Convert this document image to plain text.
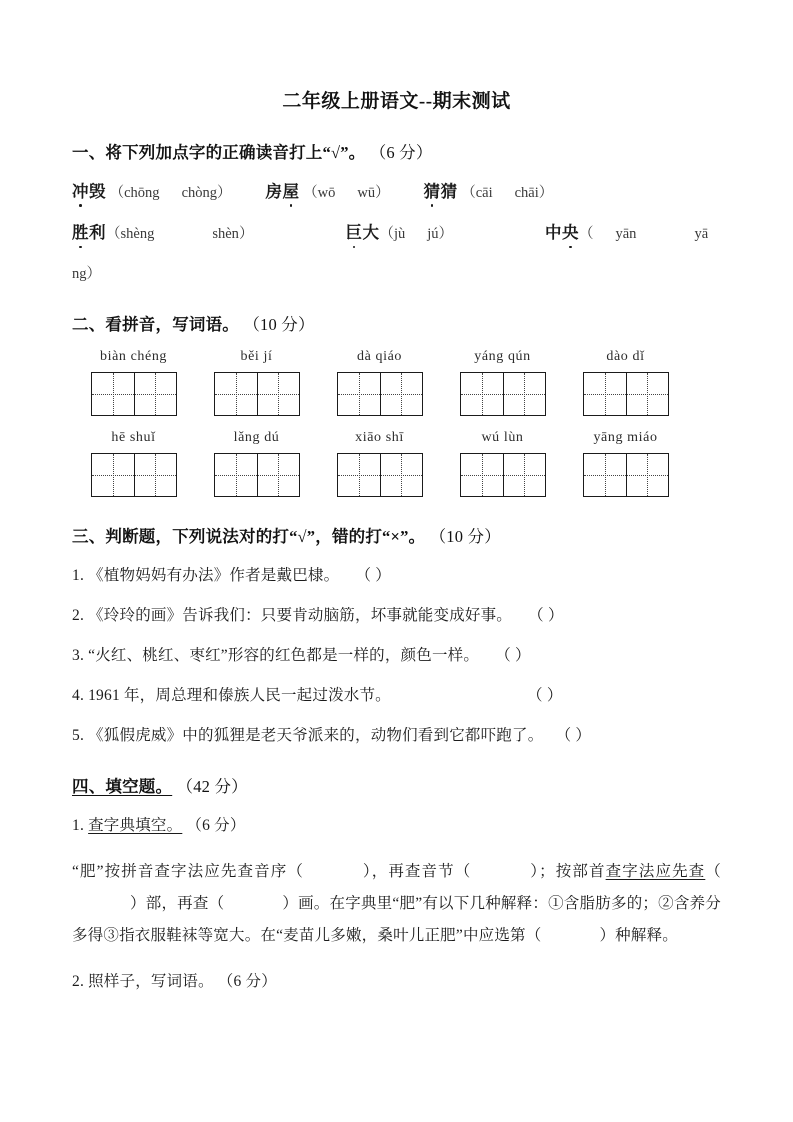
二年级上册语文--期末测试
一、将下列加点字的正确读音打上“√”。 （6 分）
冲毁 （chōng chòng） 房屋 （wō wū） 猜猜 （cāi chāi）
胜利（shèng	shèn）	巨大（jù jú）	中央（ yān	yā
ng）
二、看拼音，写词语。 （10 分）
biàn chéng	běi jí	dà qiáo	yáng qún	dào dǐ
hē shuǐ	lǎng dú	xiāo shī	wú lùn	yāng miáo
三、判断题，下列说法对的打“√”，错的打“×”。 （10 分）
1. 《植物妈妈有办法》作者是戴巴棣。 （ ）
2. 《玲玲的画》告诉我们：只要肯动脑筋，坏事就能变成好事。 （ ）
3. “火红、桃红、枣红”形容的红色都是一样的，颜色一样。 （ ）
4. 1961 年，周总理和傣族人民一起过泼水节。	（ ）
5. 《狐假虎威》中的狐狸是老天爷派来的，动物们看到它都吓跑了。 （ ）
四、填空题。 （42 分）
1. 查字典填空。 （6 分）
“肥”按拼音查字法应先查音序（	），再查音节（	）；按部首查字法应先查（）部，再查（	）画。在字典里“肥”有以下几种解释：①含脂肪多的；②含养分多得③指衣服鞋袜等宽大。在“麦苗儿多嫩，桑叶儿正肥”中应选第（	）种解释。
2. 照样子，写词语。 （6 分）
